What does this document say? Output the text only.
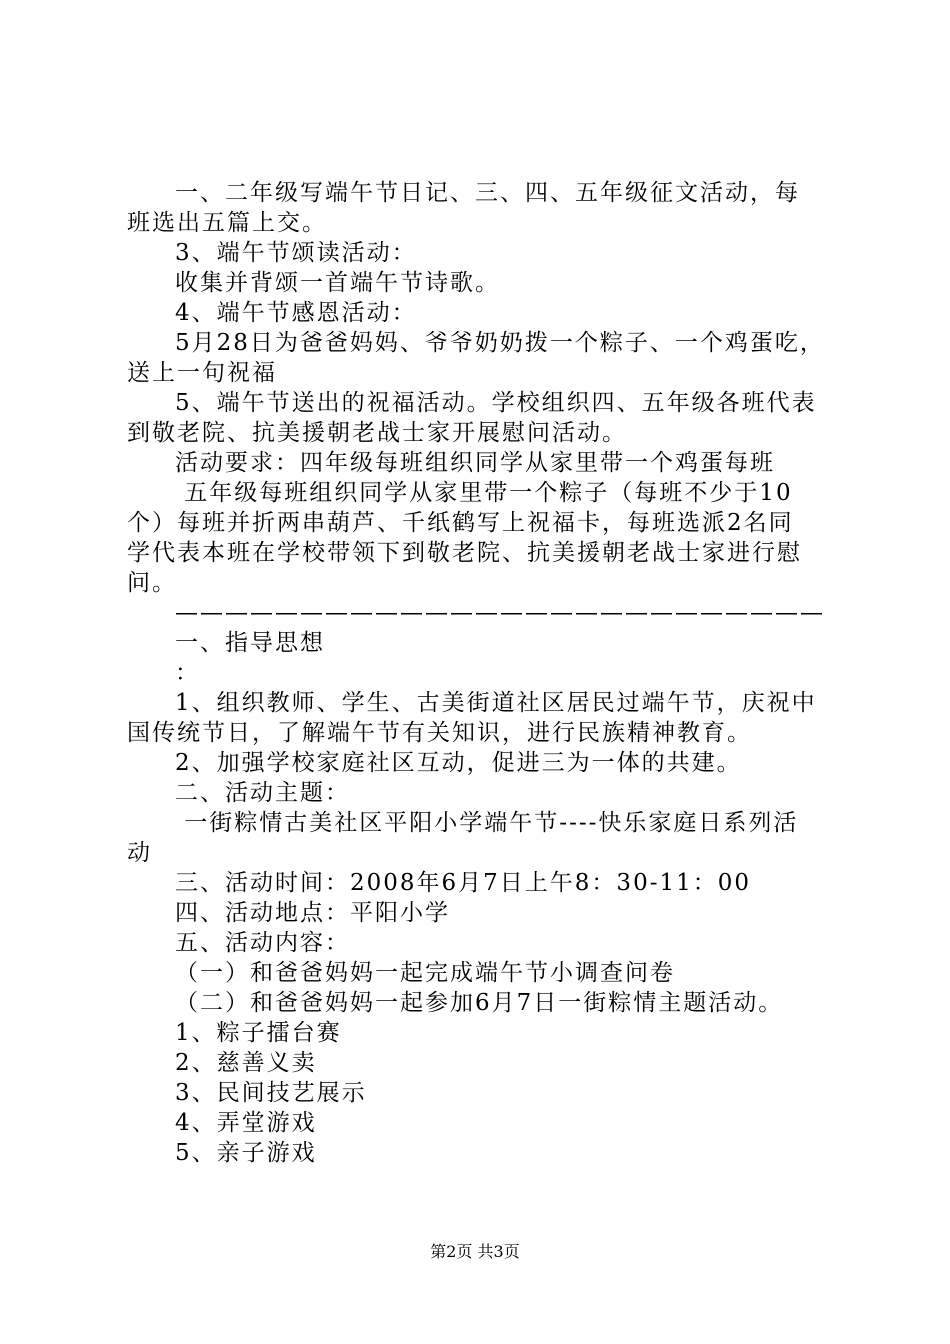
一、二年级写端午节日记、三、四、五年级征文活动，每
班选出五篇上交。
3、端午节颂读活动：
收集并背颂一首端午节诗歌。
4、端午节感恩活动：
5月28日为爸爸妈妈、爷爷奶奶拨一个粽子、一个鸡蛋吃，
送上一句祝福
5、端午节送出的祝福活动。学校组织四、五年级各班代表
到敬老院、抗美援朝老战士家开展慰问活动。
活动要求：四年级每班组织同学从家里带一个鸡蛋每班
五年级每班组织同学从家里带一个粽子（每班不少于10
个）每班并折两串葫芦、千纸鹤写上祝福卡，每班选派2名同
学代表本班在学校带领下到敬老院、抗美援朝老战士家进行慰
问。
——————————————————————————
一、指导思想
：
1、组织教师、学生、古美街道社区居民过端午节，庆祝中
国传统节日，了解端午节有关知识，进行民族精神教育。
2、加强学校家庭社区互动，促进三为一体的共建。
二、活动主题：
一街粽情古美社区平阳小学端午节----快乐家庭日系列活
动
三、活动时间：2008年6月7日上午8：30-11：00
四、活动地点：平阳小学
五、活动内容：
（一）和爸爸妈妈一起完成端午节小调查问卷
（二）和爸爸妈妈一起参加6月7日一街粽情主题活动。
1、粽子擂台赛
2、慈善义卖
3、民间技艺展示
4、弄堂游戏
5、亲子游戏
第2页 共3页
